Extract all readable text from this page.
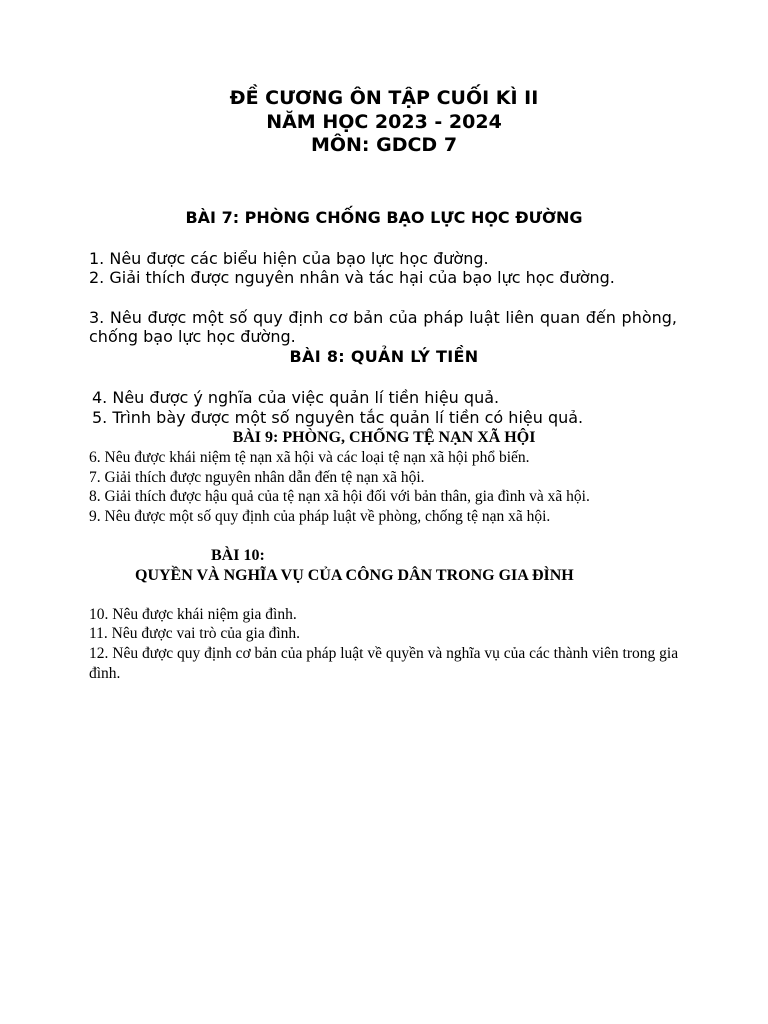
ĐỀ CƯƠNG ÔN TẬP CUỐI KÌ II
NĂM HỌC 2023 - 2024
MÔN: GDCD 7
BÀI 7: PHÒNG CHỐNG BẠO LỰC HỌC ĐƯỜNG
1. Nêu được các biểu hiện của bạo lực học đường.
2. Giải thích được nguyên nhân và tác hại của bạo lực học đường.
3. Nêu được một số quy định cơ bản của pháp luật liên quan đến phòng, chống bạo lực học đường.
BÀI 8: QUẢN LÝ TIỀN
4. Nêu được ý nghĩa của việc quản lí tiền hiệu quả.
5. Trình bày được một số nguyên tắc quản lí tiền có hiệu quả.
BÀI 9: PHÒNG, CHỐNG TỆ NẠN XÃ HỘI
6. Nêu được khái niệm tệ nạn xã hội và các loại tệ nạn xã hội phổ biến.
7. Giải thích được nguyên nhân dẫn đến tệ nạn xã hội.
8. Giải thích được hậu quả của tệ nạn xã hội đối với bản thân, gia đình và xã hội.
9. Nêu được một số quy định của pháp luật về phòng, chống tệ nạn xã hội.
BÀI 10:
QUYỀN VÀ NGHĨA VỤ CỦA CÔNG DÂN TRONG GIA ĐÌNH
10. Nêu được khái niệm gia đình.
11. Nêu được vai trò của gia đình.
12. Nêu được quy định cơ bản của pháp luật về quyền và nghĩa vụ của các thành viên trong gia đình.
